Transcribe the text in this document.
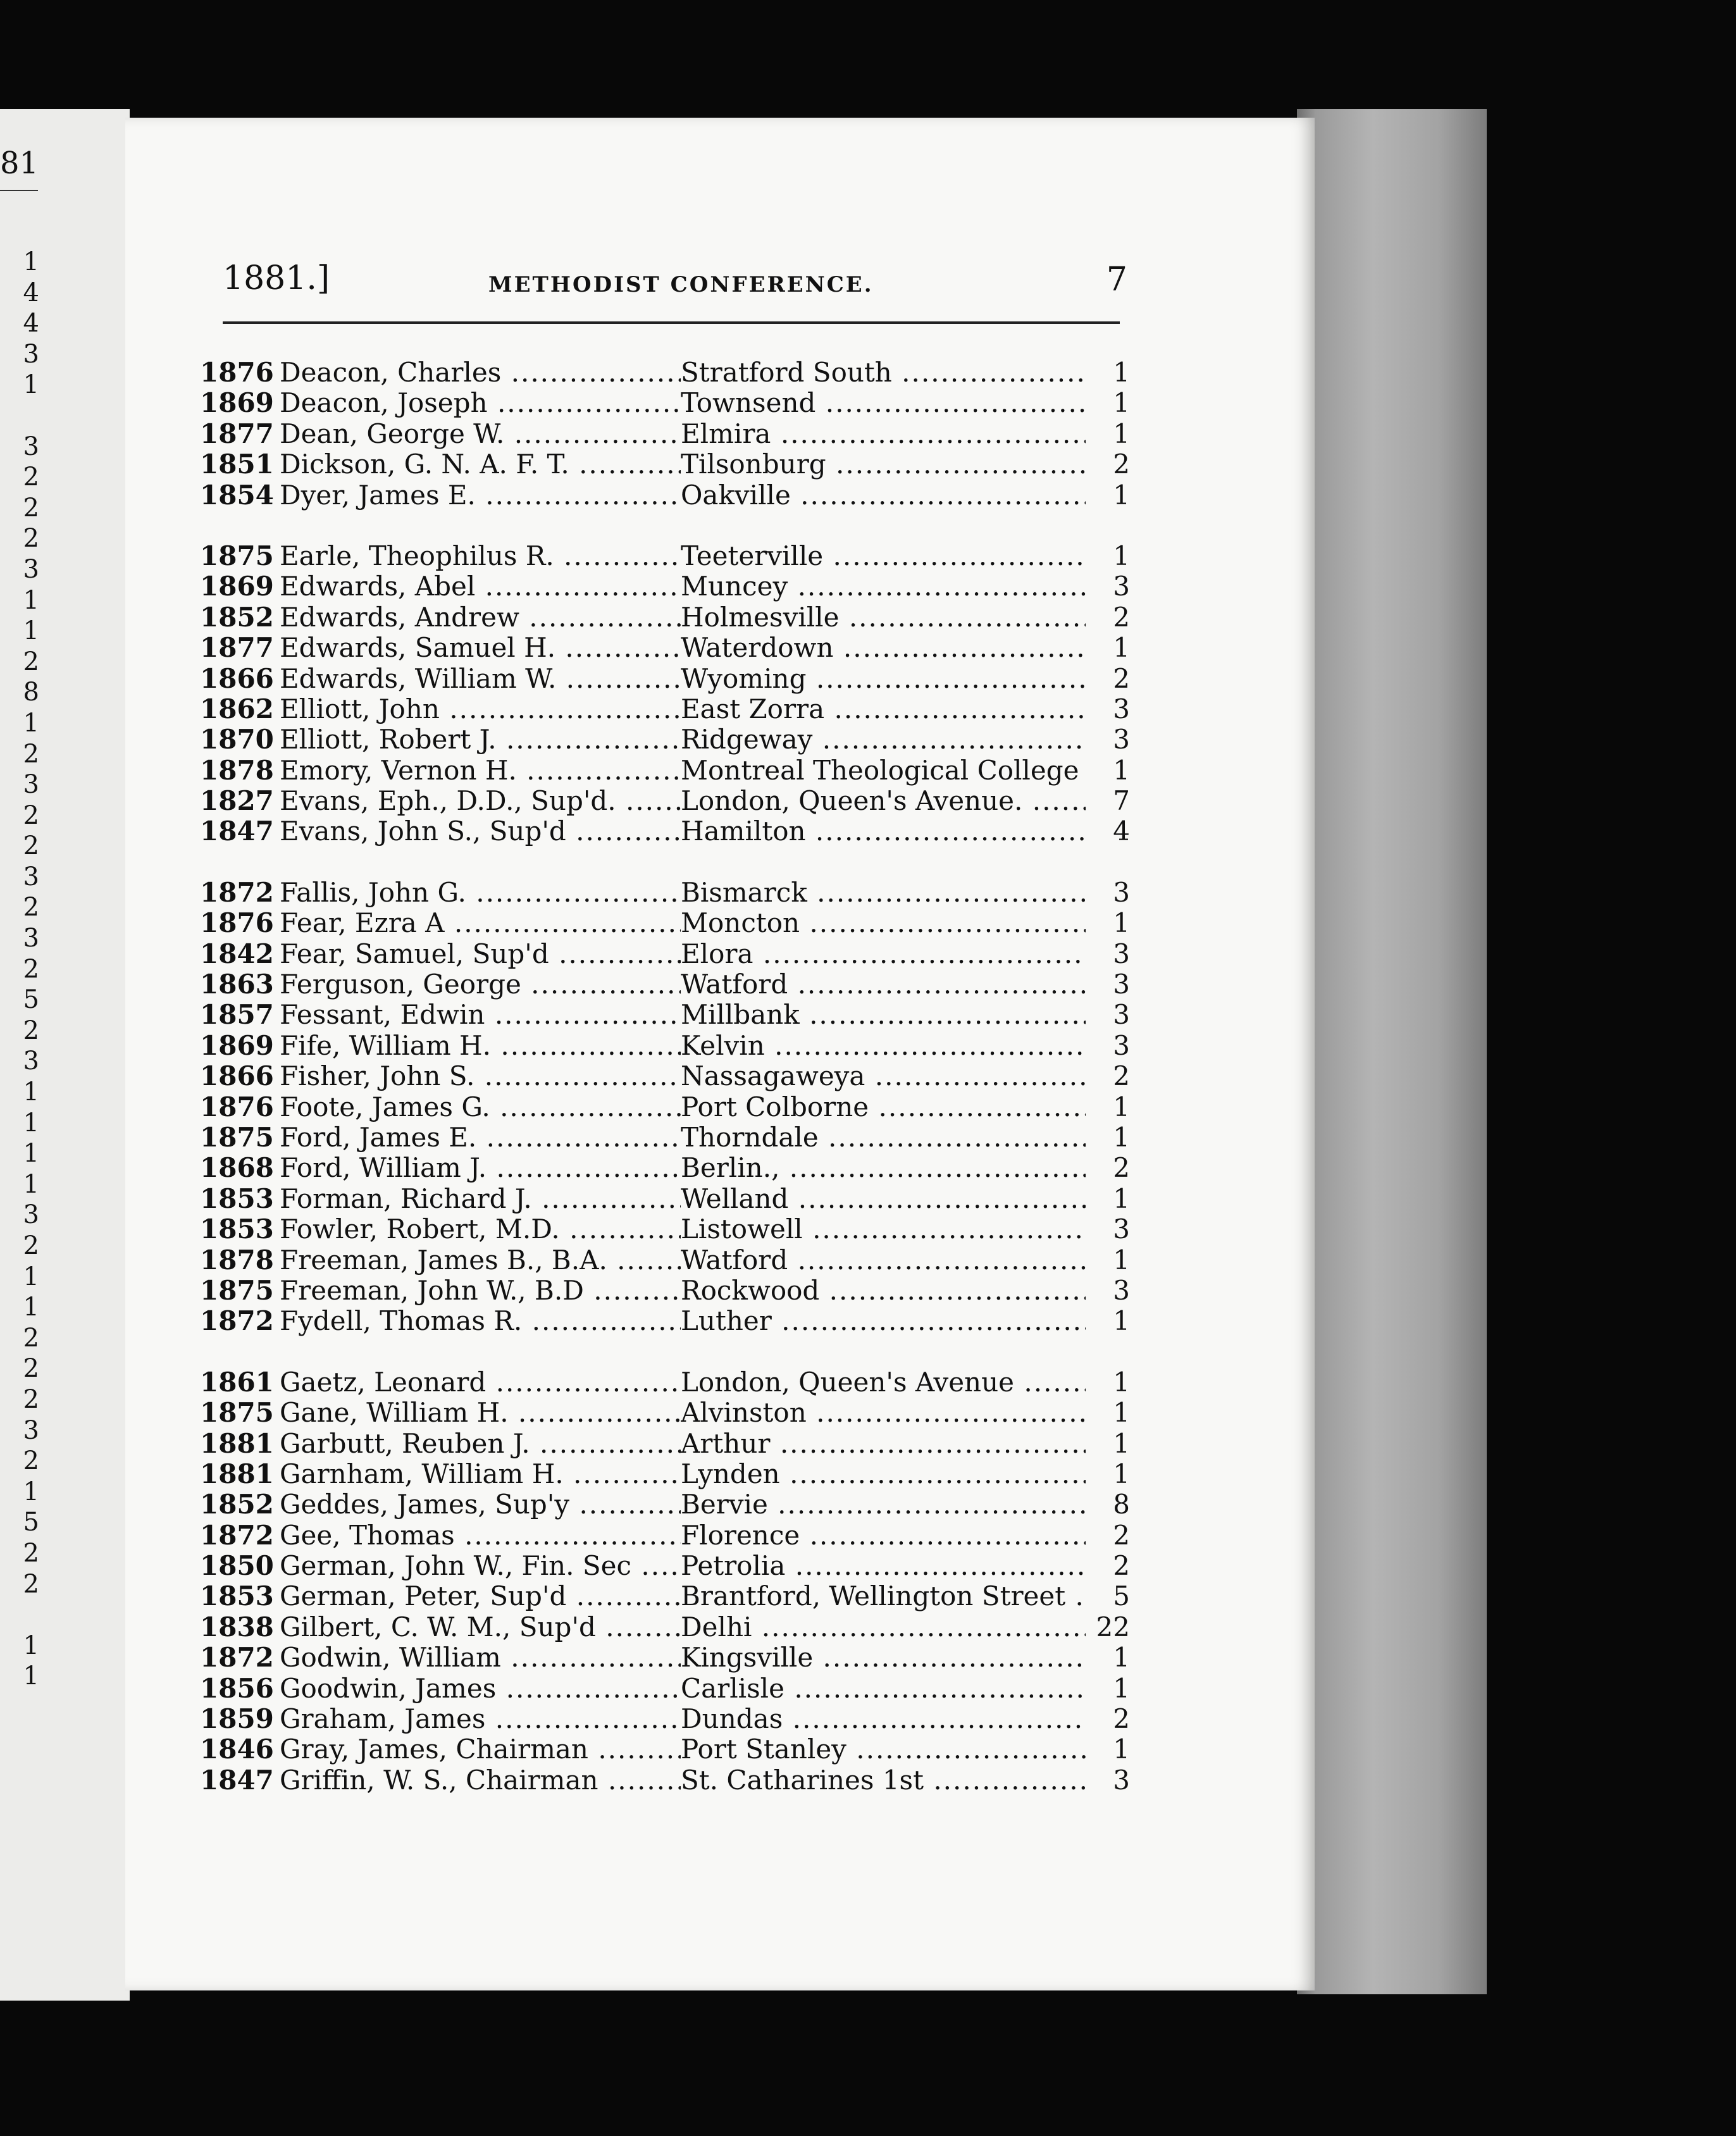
81
1
4
4
3
1
3
2
2
2
3
1
1
2
8
1
2
3
2
2
3
2
3
2
5
2
3
1
1
1
1
3
2
1
1
2
2
2
3
2
1
5
2
2
1
1
1881.]	METHODIST CONFERENCE.	7
1876 Deacon, Charles .....	Stratford South .....	1
1869 Deacon, Joseph .....	Townsend .....	1
1877 Dean, George W. .....	Elmira .....	1
1851 Dickson, G. N. A. F. T. .....	Tilsonburg .....	2
1854 Dyer, James E. .....	Oakville .....	1
1875 Earle, Theophilus R. .....	Teeterville .....	1
1869 Edwards, Abel .....	Muncey .....	3
1852 Edwards, Andrew .....	Holmesville .....	2
1877 Edwards, Samuel H. .....	Waterdown .....	1
1866 Edwards, William W. .....	Wyoming .....	2
1862 Elliott, John .....	East Zorra .....	3
1870 Elliott, Robert J. .....	Ridgeway .....	3
1878 Emory, Vernon H. .....	Montreal Theological College .....	1
1827 Evans, Eph., D.D., Sup'd. .....	London, Queen's Avenue. .....	7
1847 Evans, John S., Sup'd .....	Hamilton .....	4
1872 Fallis, John G. .....	Bismarck .....	3
1876 Fear, Ezra A .....	Moncton .....	1
1842 Fear, Samuel, Sup'd .....	Elora .....	3
1863 Ferguson, George .....	Watford .....	3
1857 Fessant, Edwin .....	Millbank .....	3
1869 Fife, William H. .....	Kelvin .....	3
1866 Fisher, John S. .....	Nassagaweya .....	2
1876 Foote, James G. .....	Port Colborne .....	1
1875 Ford, James E. .....	Thorndale .....	1
1868 Ford, William J. .....	Berlin., .....	2
1853 Forman, Richard J. .....	Welland .....	1
1853 Fowler, Robert, M.D. .....	Listowell .....	3
1878 Freeman, James B., B.A. .....	Watford .....	1
1875 Freeman, John W., B.D .....	Rockwood .....	3
1872 Fydell, Thomas R. .....	Luther .....	1
1861 Gaetz, Leonard .....	London, Queen's Avenue .....	1
1875 Gane, William H. .....	Alvinston .....	1
1881 Garbutt, Reuben J. .....	Arthur .....	1
1881 Garnham, William H. .....	Lynden .....	1
1852 Geddes, James, Sup'y .....	Bervie .....	8
1872 Gee, Thomas .....	Florence .....	2
1850 German, John W., Fin. Sec .....	Petrolia .....	2
1853 German, Peter, Sup'd .....	Brantford, Wellington Street .....	5
1838 Gilbert, C. W. M., Sup'd .....	Delhi .....	22
1872 Godwin, William .....	Kingsville .....	1
1856 Goodwin, James .....	Carlisle .....	1
1859 Graham, James .....	Dundas .....	2
1846 Gray, James, Chairman .....	Port Stanley .....	1
1847 Griffin, W. S., Chairman .....	St. Catharines 1st .....	3
